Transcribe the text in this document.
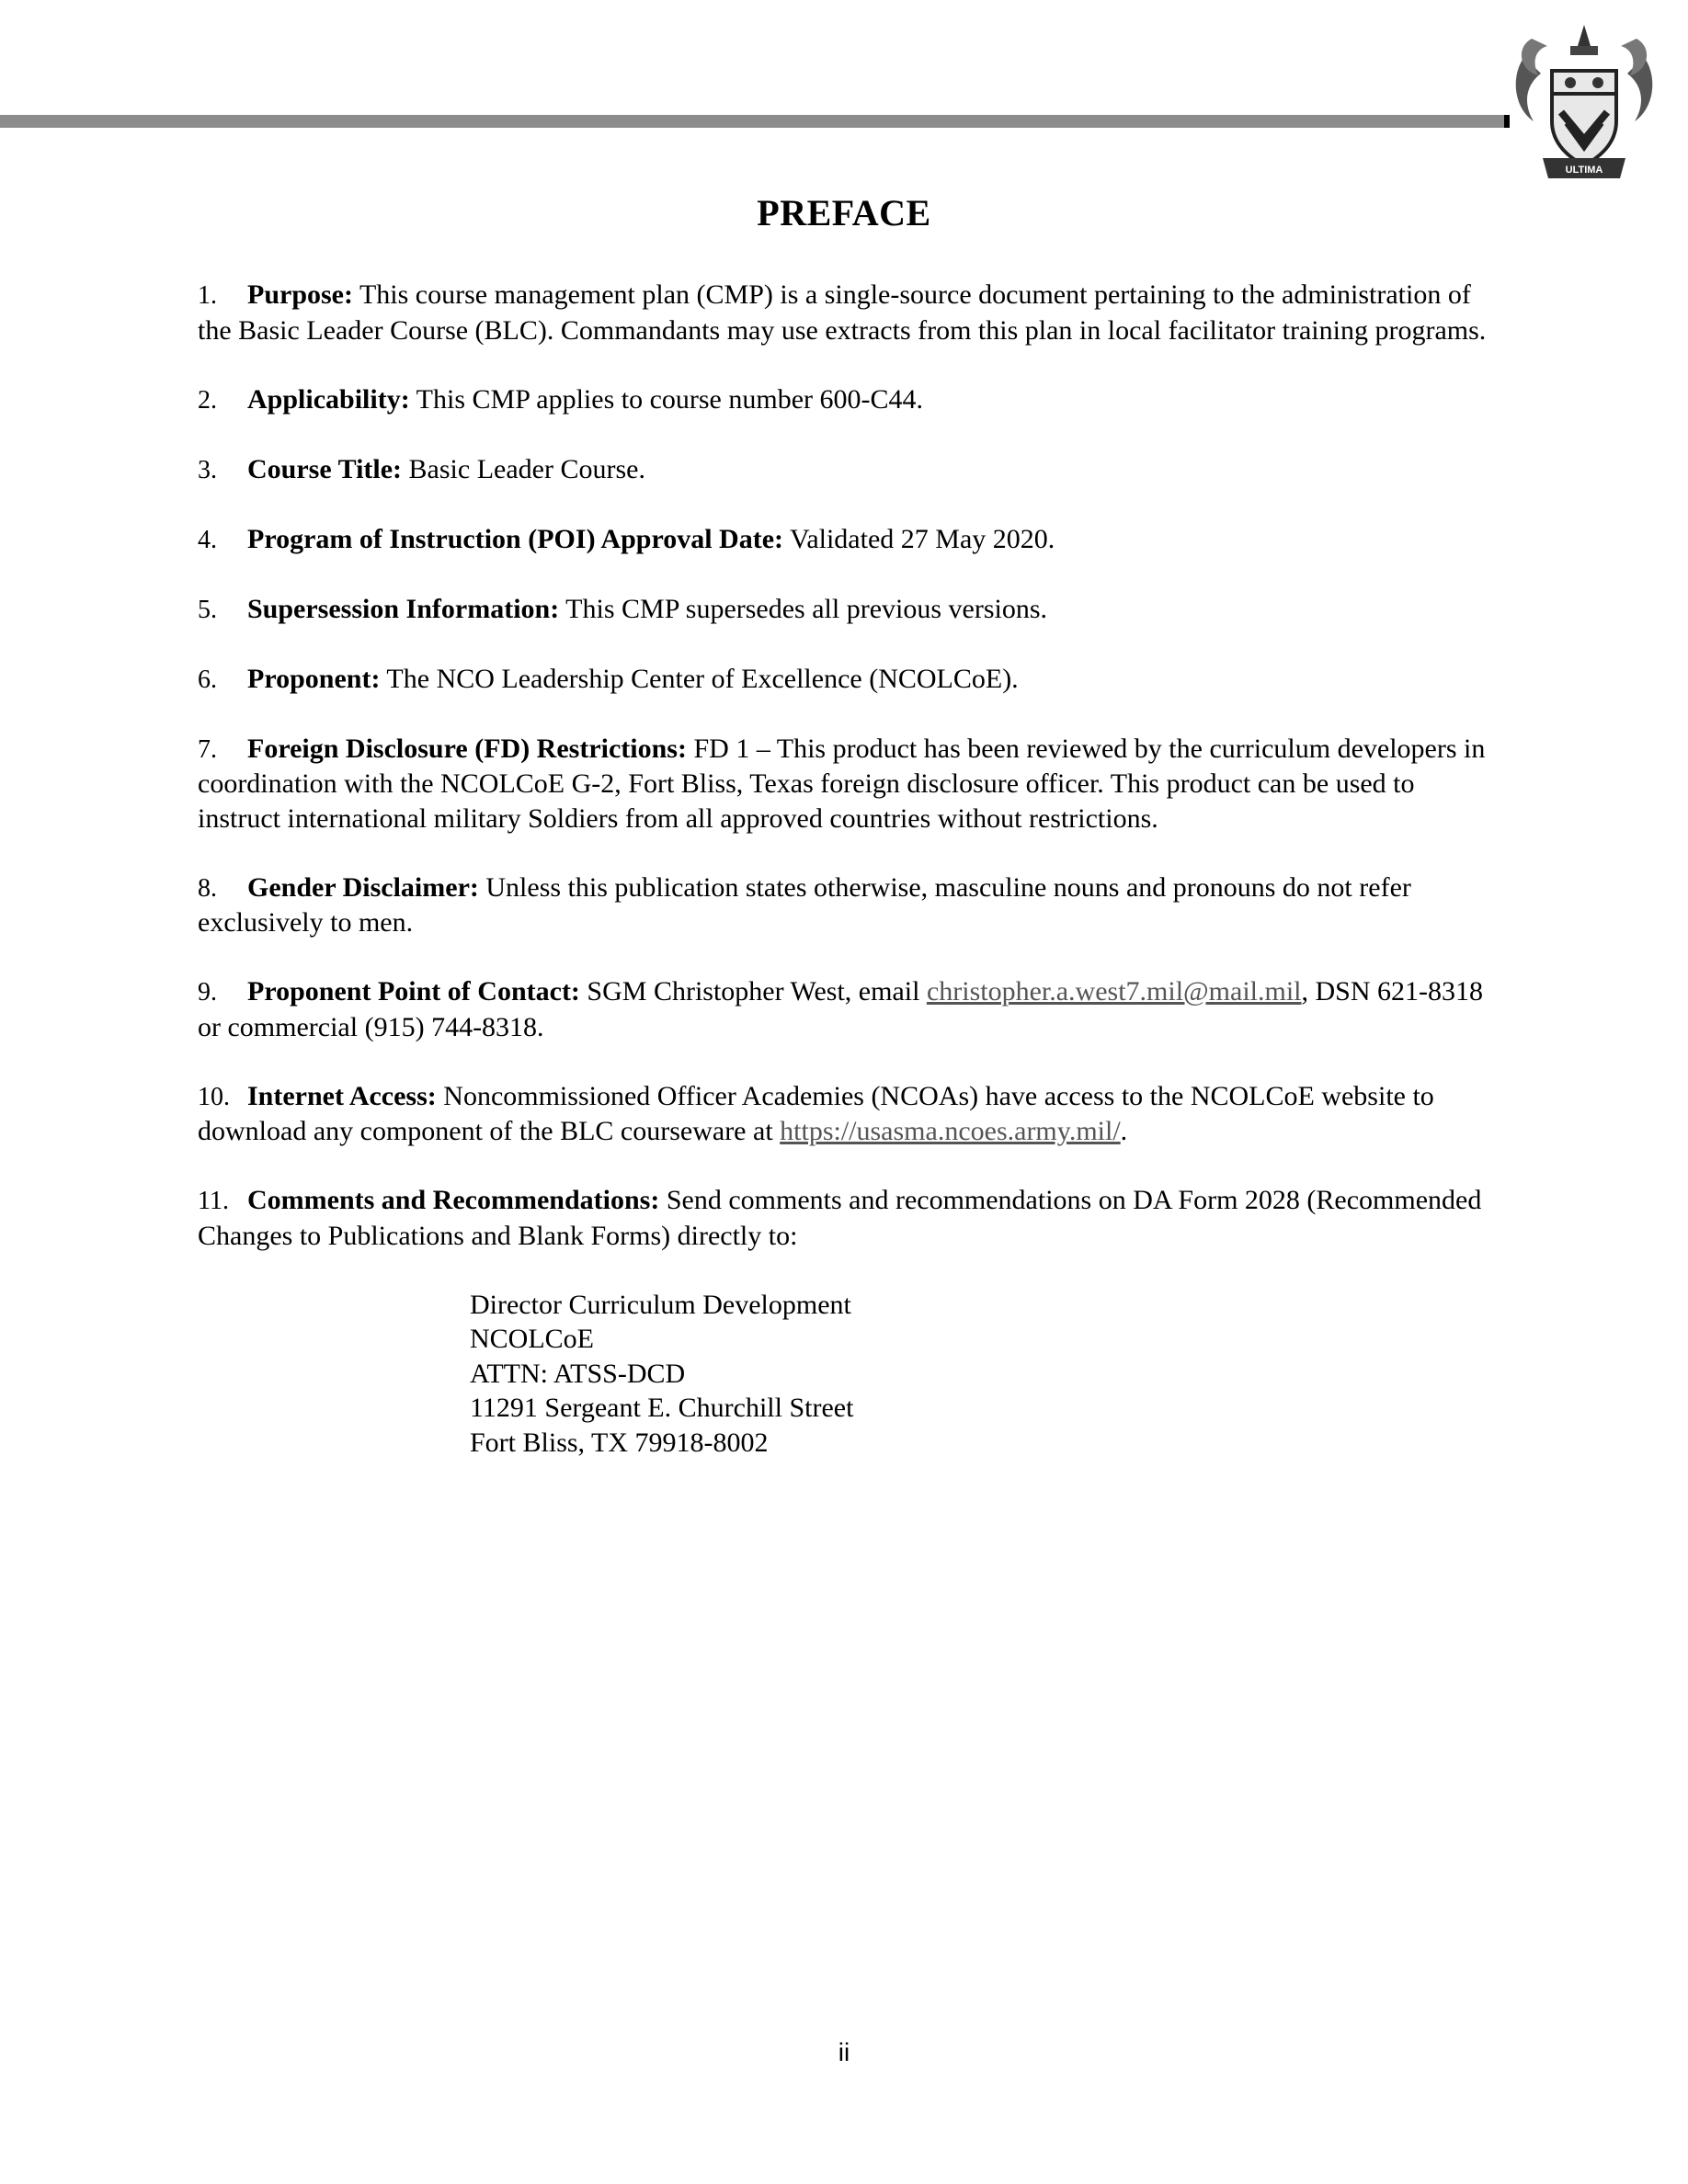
ULTIMA
PREFACE

1. Purpose: This course management plan (CMP) is a single-source document pertaining to the administration of the Basic Leader Course (BLC). Commandants may use extracts from this plan in local facilitator training programs.

2. Applicability: This CMP applies to course number 600-C44.

3. Course Title: Basic Leader Course.

4. Program of Instruction (POI) Approval Date: Validated 27 May 2020.

5. Supersession Information: This CMP supersedes all previous versions.

6. Proponent: The NCO Leadership Center of Excellence (NCOLCoE).

7. Foreign Disclosure (FD) Restrictions: FD 1 – This product has been reviewed by the curriculum developers in coordination with the NCOLCoE G-2, Fort Bliss, Texas foreign disclosure officer. This product can be used to instruct international military Soldiers from all approved countries without restrictions.

8. Gender Disclaimer: Unless this publication states otherwise, masculine nouns and pronouns do not refer exclusively to men.

9. Proponent Point of Contact: SGM Christopher West, email christopher.a.west7.mil@mail.mil, DSN 621-8318 or commercial (915) 744-8318.

10. Internet Access: Noncommissioned Officer Academies (NCOAs) have access to the NCOLCoE website to download any component of the BLC courseware at https://usasma.ncoes.army.mil/.

11. Comments and Recommendations: Send comments and recommendations on DA Form 2028 (Recommended Changes to Publications and Blank Forms) directly to:

Director Curriculum Development
NCOLCoE
ATTN: ATSS-DCD
11291 Sergeant E. Churchill Street
Fort Bliss, TX 79918-8002
ii
